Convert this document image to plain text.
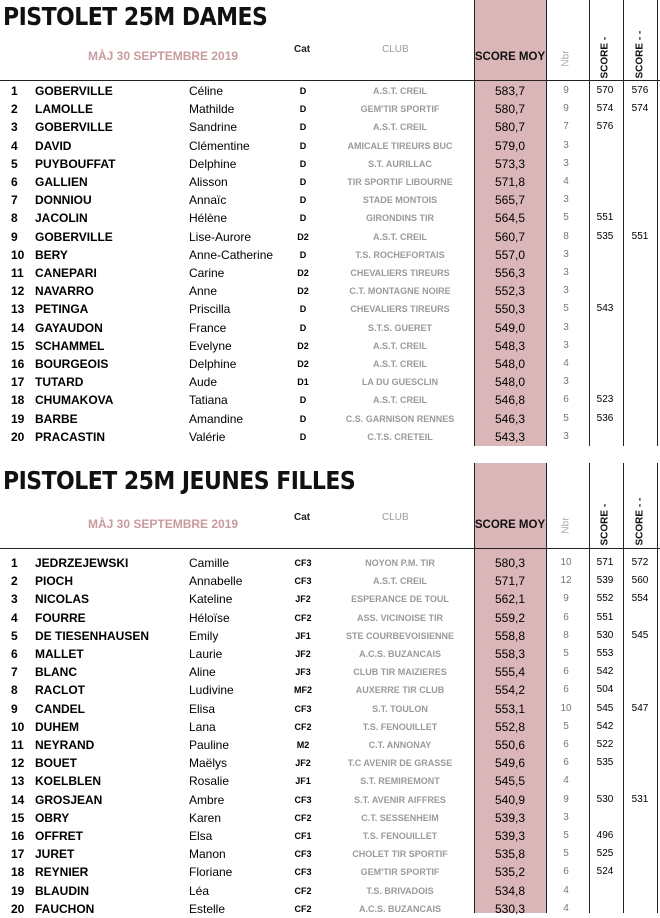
PISTOLET 25M DAMES
MÀJ 30 SEPTEMBRE 2019	Cat	CLUB
SCORE MOY Nbr	SCORE - SCORE - -
1 GOBERVILLE	Céline	D	A.S.T. CREIL	583,7	9	570	576
2 LAMOLLE	Mathilde	D	GEM'TIR SPORTIF	580,7	9	574	574
3 GOBERVILLE	Sandrine	D	A.S.T. CREIL	580,7	7	576
4 DAVID	Clémentine	D	AMICALE TIREURS BUC	579,0	3
5 PUYBOUFFAT	Delphine	D	S.T. AURILLAC	573,3	3
6 GALLIEN	Alisson	D	TIR SPORTIF LIBOURNE	571,8	4
7 DONNIOU	Annaïc	D	STADE MONTOIS	565,7	3
8 JACOLIN	Hélène	D	GIRONDINS TIR	564,5	5	551
9 GOBERVILLE	Lise-Aurore	D2	A.S.T. CREIL	560,7	8	535	551
10 BERY	Anne-Catherine	D	T.S. ROCHEFORTAIS	557,0	3
11 CANEPARI	Carine	D2	CHEVALIERS TIREURS	556,3	3
12 NAVARRO	Anne	D2	C.T. MONTAGNE NOIRE	552,3	3
13 PETINGA	Priscilla	D	CHEVALIERS TIREURS	550,3	5	543
14 GAYAUDON	France	D	S.T.S. GUERET	549,0	3
15 SCHAMMEL	Evelyne	D2	A.S.T. CREIL	548,3	3
16 BOURGEOIS	Delphine	D2	A.S.T. CREIL	548,0	4
17 TUTARD	Aude	D1	LA DU GUESCLIN	548,0	3
18 CHUMAKOVA	Tatiana	D	A.S.T. CREIL	546,8	6	523
19 BARBE	Amandine	D	C.S. GARNISON RENNES	546,3	5	536
20 PRACASTIN	Valérie	D	C.T.S. CRETEIL	543,3	3
PISTOLET 25M JEUNES FILLES
MÀJ 30 SEPTEMBRE 2019	Cat	CLUB
SCORE MOY Nbr	SCORE - SCORE - -
1 JEDRZEJEWSKI	Camille	CF3	NOYON P.M. TIR	580,3	10	571	572
2 PIOCH	Annabelle	CF3	A.S.T. CREIL	571,7	12	539	560
3 NICOLAS	Kateline	JF2	ESPERANCE DE TOUL	562,1	9	552	554
4 FOURRE	Héloïse	CF2	ASS. VICINOISE TIR	559,2	6	551
5 DE TIESENHAUSEN	Emily	JF1	STE COURBEVOISIENNE	558,8	8	530	545
6 MALLET	Laurie	JF2	A.C.S. BUZANCAIS	558,3	5	553
7 BLANC	Aline	JF3	CLUB TIR MAIZIERES	555,4	6	542
8 RACLOT	Ludivine	MF2	AUXERRE TIR CLUB	554,2	6	504
9 CANDEL	Elisa	CF3	S.T. TOULON	553,1	10	545	547
10 DUHEM	Lana	CF2	T.S. FENOUILLET	552,8	5	542
11 NEYRAND	Pauline	M2	C.T. ANNONAY	550,6	6	522
12 BOUET	Maëlys	JF2	T.C AVENIR DE GRASSE	549,6	6	535
13 KOELBLEN	Rosalie	JF1	S.T. REMIREMONT	545,5	4
14 GROSJEAN	Ambre	CF3	S.T. AVENIR AIFFRES	540,9	9	530	531
15 OBRY	Karen	CF2	C.T. SESSENHEIM	539,3	3
16 OFFRET	Elsa	CF1	T.S. FENOUILLET	539,3	5	496
17 JURET	Manon	CF3	CHOLET TIR SPORTIF	535,8	5	525
18 REYNIER	Floriane	CF3	GEM'TIR SPORTIF	535,2	6	524
19 BLAUDIN	Léa	CF2	T.S. BRIVADOIS	534,8	4
20 FAUCHON	Estelle	CF2	A.C.S. BUZANCAIS	530,3	4
